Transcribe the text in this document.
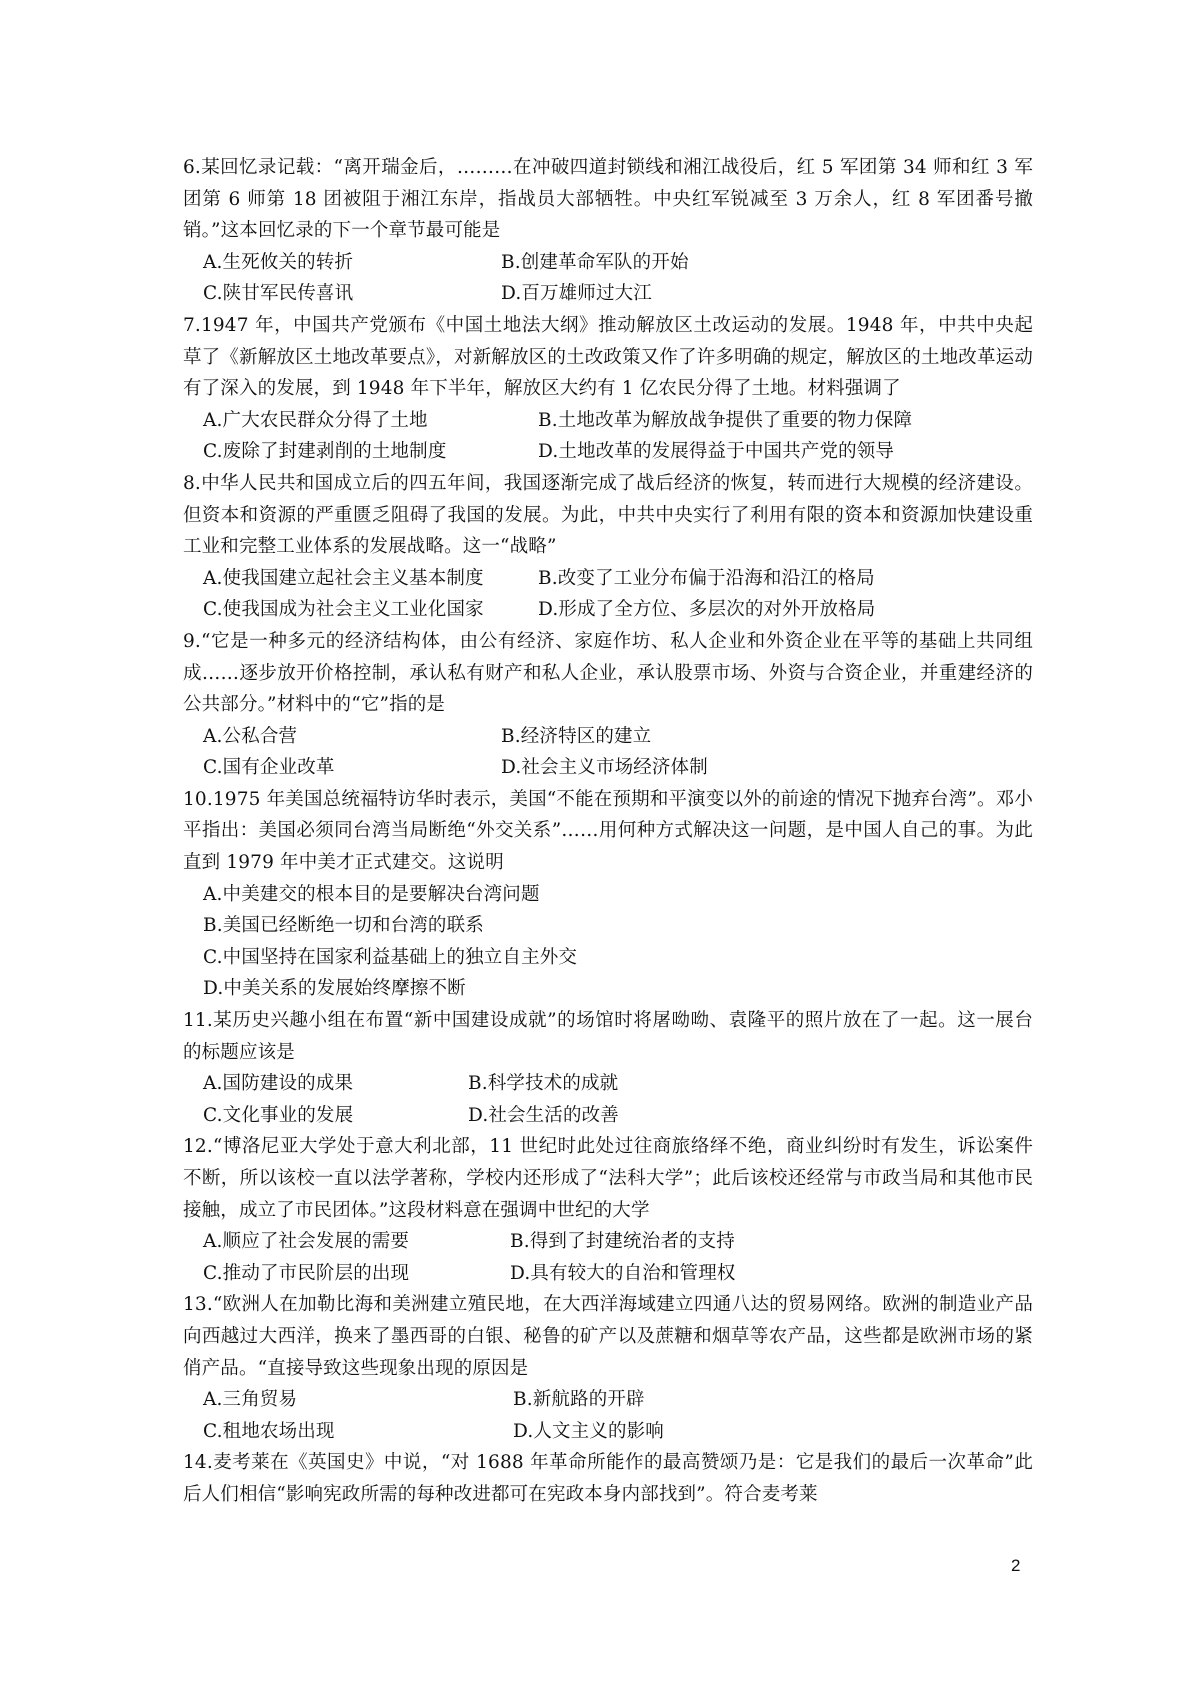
6.某回忆录记载：“离开瑞金后，………在冲破四道封锁线和湘江战役后，红 5 军团第 34 师和红 3 军团第 6 师第 18 团被阻于湘江东岸，指战员大部牺牲。中央红军锐减至 3 万余人，红 8 军团番号撤销。”这本回忆录的下一个章节最可能是
A.生死攸关的转折	B.创建革命军队的开始
C.陕甘军民传喜讯	D.百万雄师过大江
7.1947 年，中国共产党颁布《中国土地法大纲》推动解放区土改运动的发展。1948 年，中共中央起草了《新解放区土地改革要点》，对新解放区的土改政策又作了许多明确的规定，解放区的土地改革运动有了深入的发展，到 1948 年下半年，解放区大约有 1 亿农民分得了土地。材料强调了
A.广大农民群众分得了土地	B.土地改革为解放战争提供了重要的物力保障
C.废除了封建剥削的土地制度	D.土地改革的发展得益于中国共产党的领导
8.中华人民共和国成立后的四五年间，我国逐渐完成了战后经济的恢复，转而进行大规模的经济建设。但资本和资源的严重匮乏阻碍了我国的发展。为此，中共中央实行了利用有限的资本和资源加快建设重工业和完整工业体系的发展战略。这一“战略”
A.使我国建立起社会主义基本制度	B.改变了工业分布偏于沿海和沿江的格局
C.使我国成为社会主义工业化国家	D.形成了全方位、多层次的对外开放格局
9.“它是一种多元的经济结构体，由公有经济、家庭作坊、私人企业和外资企业在平等的基础上共同组成……逐步放开价格控制，承认私有财产和私人企业，承认股票市场、外资与合资企业，并重建经济的公共部分。”材料中的“它”指的是
A.公私合营	B.经济特区的建立
C.国有企业改革	D.社会主义市场经济体制
10.1975 年美国总统福特访华时表示，美国“不能在预期和平演变以外的前途的情况下抛弃台湾”。邓小平指出：美国必须同台湾当局断绝“外交关系”……用何种方式解决这一问题，是中国人自己的事。为此直到 1979 年中美才正式建交。这说明
A.中美建交的根本目的是要解决台湾问题
B.美国已经断绝一切和台湾的联系
C.中国坚持在国家利益基础上的独立自主外交
D.中美关系的发展始终摩擦不断
11.某历史兴趣小组在布置“新中国建设成就”的场馆时将屠呦呦、袁隆平的照片放在了一起。这一展台的标题应该是
A.国防建设的成果	B.科学技术的成就
C.文化事业的发展	D.社会生活的改善
12.“博洛尼亚大学处于意大利北部，11 世纪时此处过往商旅络绎不绝，商业纠纷时有发生，诉讼案件不断，所以该校一直以法学著称，学校内还形成了“法科大学”；此后该校还经常与市政当局和其他市民接触，成立了市民团体。”这段材料意在强调中世纪的大学
A.顺应了社会发展的需要	B.得到了封建统治者的支持
C.推动了市民阶层的出现	D.具有较大的自治和管理权
13.“欧洲人在加勒比海和美洲建立殖民地，在大西洋海域建立四通八达的贸易网络。欧洲的制造业产品向西越过大西洋，换来了墨西哥的白银、秘鲁的矿产以及蔗糖和烟草等农产品，这些都是欧洲市场的紧俏产品。“直接导致这些现象出现的原因是
A.三角贸易	B.新航路的开辟
C.租地农场出现	D.人文主义的影响
14.麦考莱在《英国史》中说，“对 1688 年革命所能作的最高赞颂乃是：它是我们的最后一次革命”此后人们相信“影响宪政所需的每种改进都可在宪政本身内部找到”。符合麦考莱
2
